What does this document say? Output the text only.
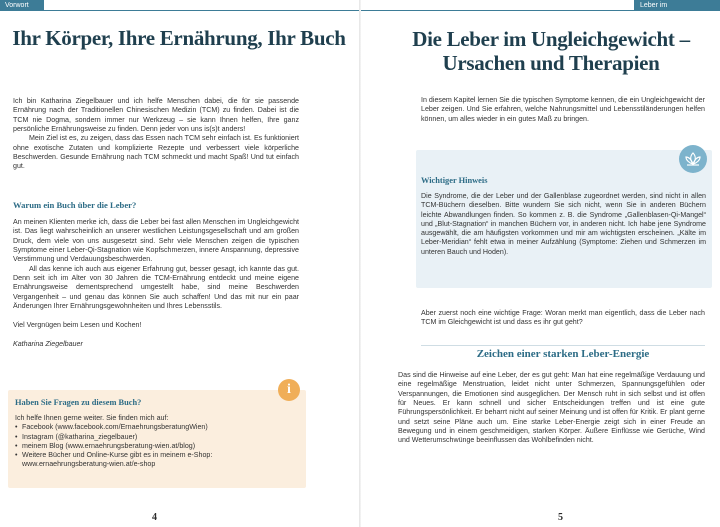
Vorwort
Ihr Körper, Ihre Ernährung, Ihr Buch

Ich bin Katharina Ziegelbauer und ich helfe Menschen dabei, die für sie passende Ernährung nach der Traditionellen Chinesischen Medizin (TCM) zu finden. Dabei ist die TCM nie Dogma, sondern immer nur Werkzeug – sie kann Ihnen helfen, Ihre ganz persönliche Ernährungsweise zu finden. Denn jeder von uns is(s)t anders!

Mein Ziel ist es, zu zeigen, dass das Essen nach TCM sehr einfach ist. Es funktioniert ohne exotische Zutaten und komplizierte Rezepte und verbessert viele körperliche Beschwerden. Gesunde Ernährung nach TCM schmeckt und macht Spaß! Und tut einfach gut.

Warum ein Buch über die Leber?

An meinen Klienten merke ich, dass die Leber bei fast allen Menschen im Ungleichgewicht ist. Das liegt wahrscheinlich an unserer westlichen Leistungsgesellschaft und am großen Druck, dem viele von uns ausgesetzt sind. Sehr viele Menschen zeigen die typischen Symptome einer Leber-Qi-Stagnation wie Kopfschmerzen, innere Anspannung, depressive Verstimmung und Verdauungsbeschwerden.

All das kenne ich auch aus eigener Erfahrung gut, besser gesagt, ich kannte das gut. Denn seit ich im Alter von 30 Jahren die TCM-Ernährung entdeckt und meine eigene Ernährungsweise dementsprechend umgestellt habe, sind meine Beschwerden Vergangenheit – und genau das können Sie auch schaffen! Und das mit nur ein paar Änderungen Ihrer Ernährungsgewohnheiten und Ihres Lebensstils.

Viel Vergnügen beim Lesen und Kochen!

Katharina Ziegelbauer

i
Haben Sie Fragen zu diesem Buch?

Ich helfe Ihnen gerne weiter. Sie finden mich auf:

• Facebook (www.facebook.com/ErnaehrungsberatungWien)
• Instagram (@katharina_ziegelbauer)
• meinem Blog (www.ernaehrungsberatung-wien.at/blog)
• Weitere Bücher und Online-Kurse gibt es in meinem e-Shop:

www.ernaehrungsberatung-wien.at/e-shop

4
Leber im Ungleichgewicht
Die Leber im Ungleichgewicht – Ursachen und Therapien
In diesem Kapitel lernen Sie die typischen Symptome kennen, die ein Ungleichgewicht der Leber zeigen. Und Sie erfahren, welche Nahrungsmittel und Lebensstiländerungen helfen können, um alles wieder in ein gutes Maß zu bringen.
Wichtiger Hinweis
Die Syndrome, die der Leber und der Gallenblase zugeordnet werden, sind nicht in allen TCM-Büchern dieselben. Bitte wundern Sie sich nicht, wenn Sie in anderen Büchern leichte Abwandlungen finden. So kommen z. B. die Syndrome „Gallenblasen-Qi-Mangel“ und „Blut-Stagnation“ in manchen Büchern vor, in anderen nicht. Ich habe jene Syndrome ausgewählt, die am häufigsten vorkommen und mir am wichtigsten erscheinen. „Kälte im Leber-Meridian“ fehlt etwa in meiner Aufzählung (Symptome: Ziehen und Schmerzen im unteren Bauch und Hoden).
Aber zuerst noch eine wichtige Frage: Woran merkt man eigentlich, dass die Leber nach TCM im Gleichgewicht ist und dass es ihr gut geht?
Zeichen einer starken Leber-Energie
Das sind die Hinweise auf eine Leber, der es gut geht: Man hat eine regelmäßige Verdauung und eine regelmäßige Menstruation, leidet nicht unter Schmerzen, Spannungsgefühlen oder Verspannungen, die Emotionen sind ausgeglichen. Der Mensch ruht in sich selbst und ist offen für Neues. Er kann schnell und sicher Entscheidungen treffen und ist eine gute Führungspersönlichkeit. Er beharrt nicht auf seiner Meinung und ist offen für Kritik. Er plant gerne und setzt seine Pläne auch um. Eine starke Leber-Energie zeigt sich in einer Freude an Bewegung und in einem geschmeidigen, starken Körper. Äußere Einflüsse wie Gerüche, Wind und Wetterumschwünge beeinflussen das Wohlbefinden nicht.
5
